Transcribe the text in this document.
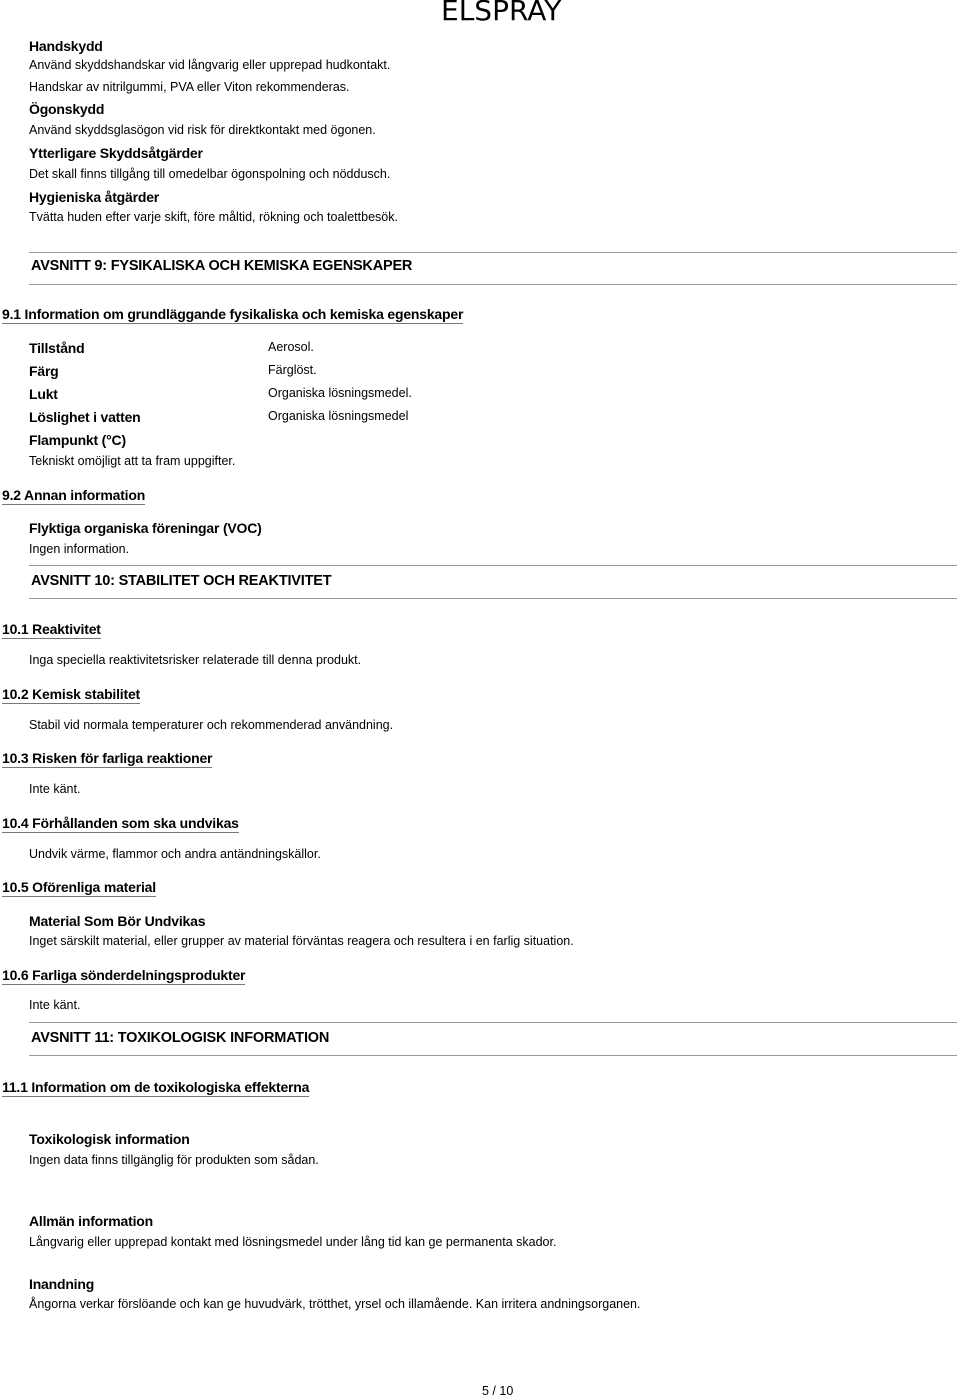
ELSPRAY
Handskydd
Använd skyddshandskar vid långvarig eller upprepad hudkontakt.
Handskar av nitrilgummi, PVA eller Viton rekommenderas.
Ögonskydd
Använd skyddsglasögon vid risk för direktkontakt med ögonen.
Ytterligare Skyddsåtgärder
Det skall finns tillgång till omedelbar ögonspolning och nöddusch.
Hygieniska åtgärder
Tvätta huden efter varje skift, före måltid, rökning och toalettbesök.
AVSNITT 9: FYSIKALISKA OCH KEMISKA EGENSKAPER
9.1 Information om grundläggande fysikaliska och kemiska egenskaper
Tillstånd	Aerosol.
Färg	Färglöst.
Lukt	Organiska lösningsmedel.
Löslighet i vatten	Organiska lösningsmedel
Flampunkt (°C)
Tekniskt omöjligt att ta fram uppgifter.
9.2 Annan information
Flyktiga organiska föreningar (VOC)
Ingen information.
AVSNITT 10: STABILITET OCH REAKTIVITET
10.1 Reaktivitet
Inga speciella reaktivitetsrisker relaterade till denna produkt.
10.2 Kemisk stabilitet
Stabil vid normala temperaturer och rekommenderad användning.
10.3 Risken för farliga reaktioner
Inte känt.
10.4 Förhållanden som ska undvikas
Undvik värme, flammor och andra antändningskällor.
10.5 Oförenliga material
Material Som Bör Undvikas
Inget särskilt material, eller grupper av material förväntas reagera och resultera i en farlig situation.
10.6 Farliga sönderdelningsprodukter
Inte känt.
AVSNITT 11: TOXIKOLOGISK INFORMATION
11.1 Information om de toxikologiska effekterna
Toxikologisk information
Ingen data finns tillgänglig för produkten som sådan.
Allmän information
Långvarig eller upprepad kontakt med lösningsmedel under lång tid kan ge permanenta skador.
Inandning
Ångorna verkar förslöande och kan ge huvudvärk, trötthet, yrsel och illamående. Kan irritera andningsorganen.
5 / 10
